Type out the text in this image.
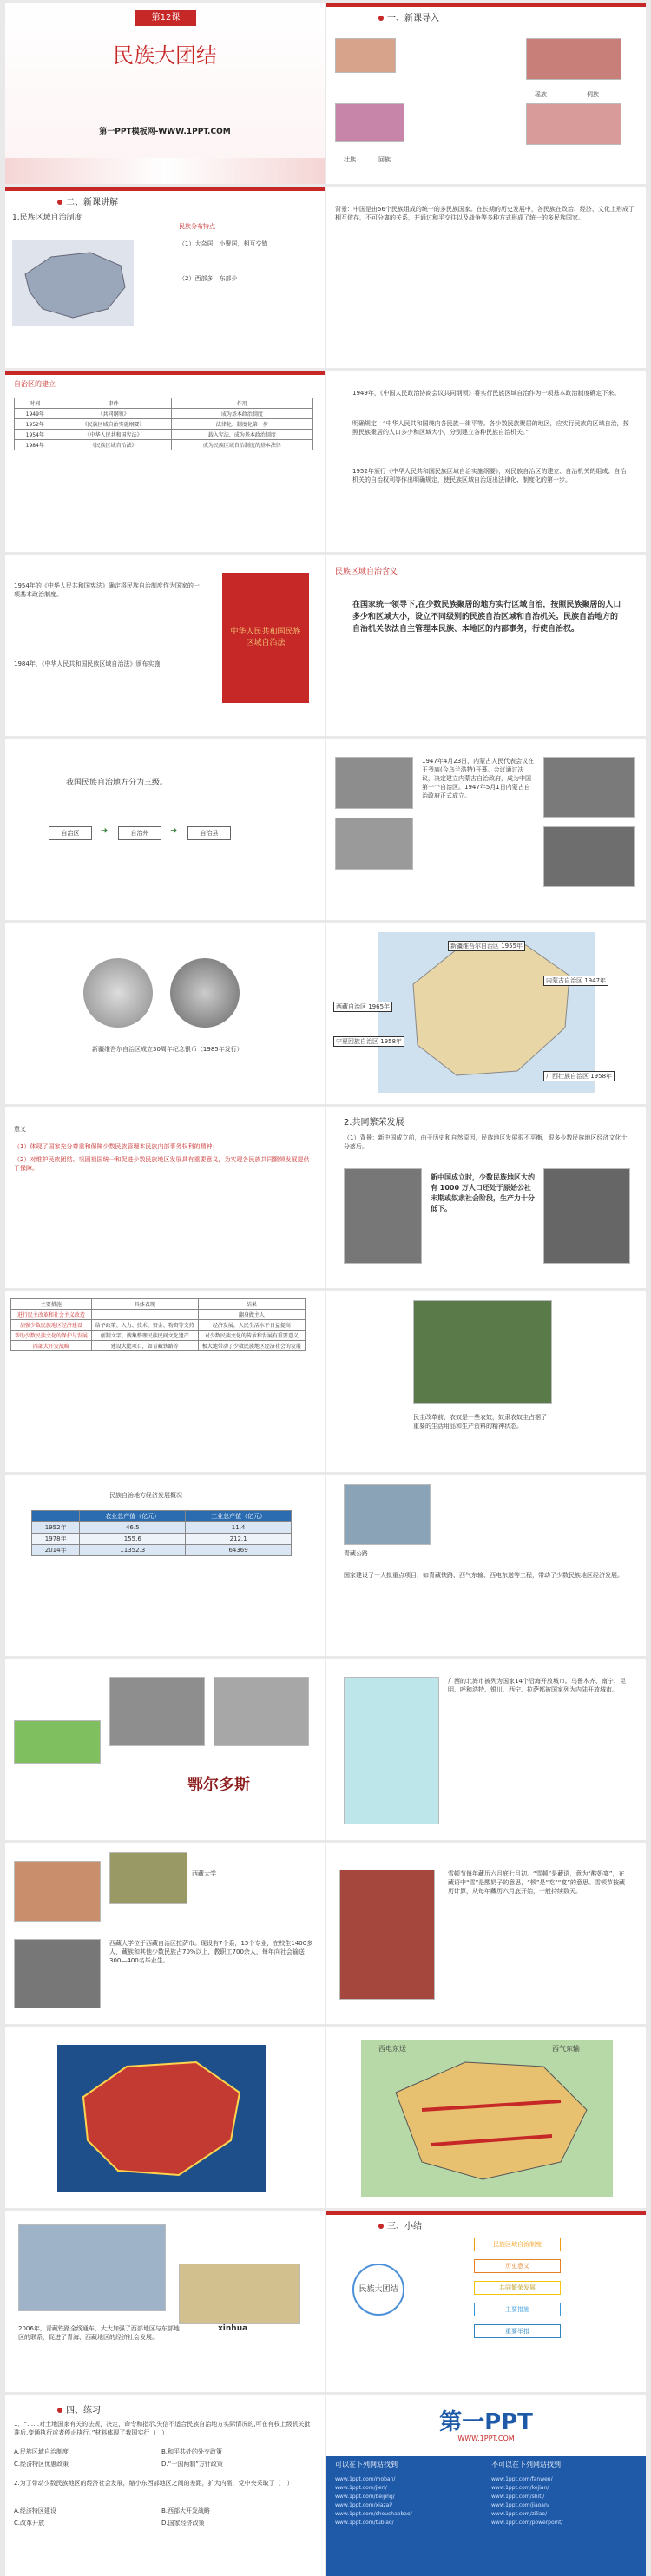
第12课
民族大团结
第一PPT模板网-WWW.1PPT.COM
一、新课导入
瑶族	侗族
壮族	回族
二、新课讲解
1.民族区域自治制度
民族分布特点
（1）大杂居，小聚居，相互交错
（2）西部多，东部少
背景：中国是由56个民族组成的统一的多民族国家。在长期的历史发展中，各民族在政治、经济、文化上形成了相互依存、不可分离的关系，并通过和平交往以及战争等多种方式形成了统一的多民族国家。
自治区的建立
时间	事件	作用
1949年	《共同纲领》	成为基本政治制度
1952年	《民族区域自治实施纲要》	法律化、制度化第一步
1954年	《中华人民共和国宪法》	载入宪法，成为基本政治制度
1984年	《民族区域自治法》	成为民族区域自治制度的基本法律
1949年，《中国人民政治协商会议共同纲领》将实行民族区域自治作为一项基本政治制度确定下来。
明确规定：“中华人民共和国境内各民族一律平等。各少数民族聚居的地区，应实行民族的区域自治，按照民族聚居的人口多少和区域大小，分别建立各种民族自治机关。”
1952年颁行《中华人民共和国民族区域自治实施纲要》，对民族自治区的建立、自治机关的组成、自治机关的自治权利等作出明确规定，使民族区域自治迈出法律化、制度化的第一步。
1954年的《中华人民共和国宪法》确定将民族自治制度作为国家的一项基本政治制度。
1984年，《中华人民共和国民族区域自治法》颁布实施
中华人民共和国民族区域自治法
民族区域自治含义
在国家统一领导下,在少数民族聚居的地方实行区域自治，按照民族聚居的人口多少和区域大小，设立不同级别的民族自治区域和自治机关。民族自治地方的自治机关依法自主管理本民族、本地区的内部事务，行使自治权。
我国民族自治地方分为三级。
自治区	➜	自治州	➜	自治县
1947年4月23日，内蒙古人民代表会议在王爷庙(今乌兰浩特)开幕。会议通过决议，决定建立内蒙古自治政府，成为中国第一个自治区。1947年5月1日内蒙古自治政府正式成立。
新疆维吾尔自治区成立30周年纪念银币（1985年发行）
新疆维吾尔自治区 1955年
内蒙古自治区 1947年
西藏自治区 1965年
宁夏回族自治区 1958年
广西壮族自治区 1958年
意义
（1）体现了国家充分尊重和保障少数民族管理本民族内部事务权利的精神；
（2）对维护民族团结、巩固祖国统一和促进少数民族地区发展具有重要意义，为实现各民族共同繁荣发展提供了保障。
2.共同繁荣发展
（1）背景：新中国成立前，由于历史和自然原因，民族地区发展很不平衡，很多少数民族地区经济文化十分落后。
新中国成立时，少数民族地区大约有 1000 万人口还处于原始公社末期或奴隶社会阶段，生产力十分低下。
主要措施	具体表现	结果
进行民主改革和社会主义改造		翻身做主人
加强少数民族地区经济建设	给予政策、人力、技术、资金、物资等支持	经济发展，人民生活水平日益提高
帮助少数民族文化的保护与发展	创制文字、搜集整理民族民间文化遗产	对少数民族文化的传承和发展有重要意义
西部大开发战略	建设大批项目，如青藏铁路等	极大地带动了少数民族地区经济社会的发展
民主改革前，农奴是一些农奴，奴隶农奴主占据了重要的生活用品和生产资料的精神状态。
民族自治地方经济发展概况
	农业总产值（亿元）	工业总产值（亿元）
1952年	46.5	11.4
1978年	155.6	212.1
2014年	11352.3	64369	青藏公路
国家建设了一大批重点项目，如青藏铁路、西气东输、西电东送等工程，带动了少数民族地区经济发展。
鄂尔多斯
广西的北海市被列为国家14个沿海开放城市。乌鲁木齐、南宁、昆明、呼和浩特、银川、西宁、拉萨都被国家列为内陆开放城市。
西藏大学
西藏大学位于西藏自治区拉萨市。现设有7个系，15个专业，在校生1400多人，藏族和其他少数民族占70%以上，教职工700余人，每年向社会输送300—400名毕业生。
雪顿节每年藏历六月底七月初。“雪顿”是藏语，意为“酸奶宴”，在藏语中“雪”是酸奶子的意思，“顿”是“吃”“宴”的意思。雪顿节按藏历计算，从每年藏历六月底开始，一般持续数天。
西电东送	西气东输
xinhua
2006年，青藏铁路全线通车，大大加强了西部地区与东部地区的联系，促进了青海、西藏地区的经济社会发展。
三、小结
民族大团结
民族区域自治制度
历史意义
共同繁荣发展
主要措施
重要举措
四、练习
1．“……对土地国家有关的法规，决定，命令和指示,失信不适合民族自治地方实际情况的,可在有权上级机关批准后,变通执行或者停止执行。”材料体现了我国实行（　）
A.民族区域自治制度	B.和平共处的外交政策
C.经济特区优惠政策	D.“一国两制”方针政策
2.为了带动少数民族地区的经济社会发展，缩小东西部地区之间的差距，扩大内需，党中央采取了（　）
A.经济特区建设	B.西部大开发战略
C.改革开放	D.国家经济政策
第一PPT
WWW.1PPT.COM
可以在下列网站找到	不可以在下列网站找到
www.1ppt.com/moban/
www.1ppt.com/jieri/
www.1ppt.com/beijing/
www.1ppt.com/xiazai/
www.1ppt.com/shouchaobao/
www.1ppt.com/tubiao/
www.1ppt.com/fanwen/
www.1ppt.com/kejian/
www.1ppt.com/shiti/
www.1ppt.com/jiaoan/
www.1ppt.com/ziliao/
www.1ppt.com/powerpoint/
